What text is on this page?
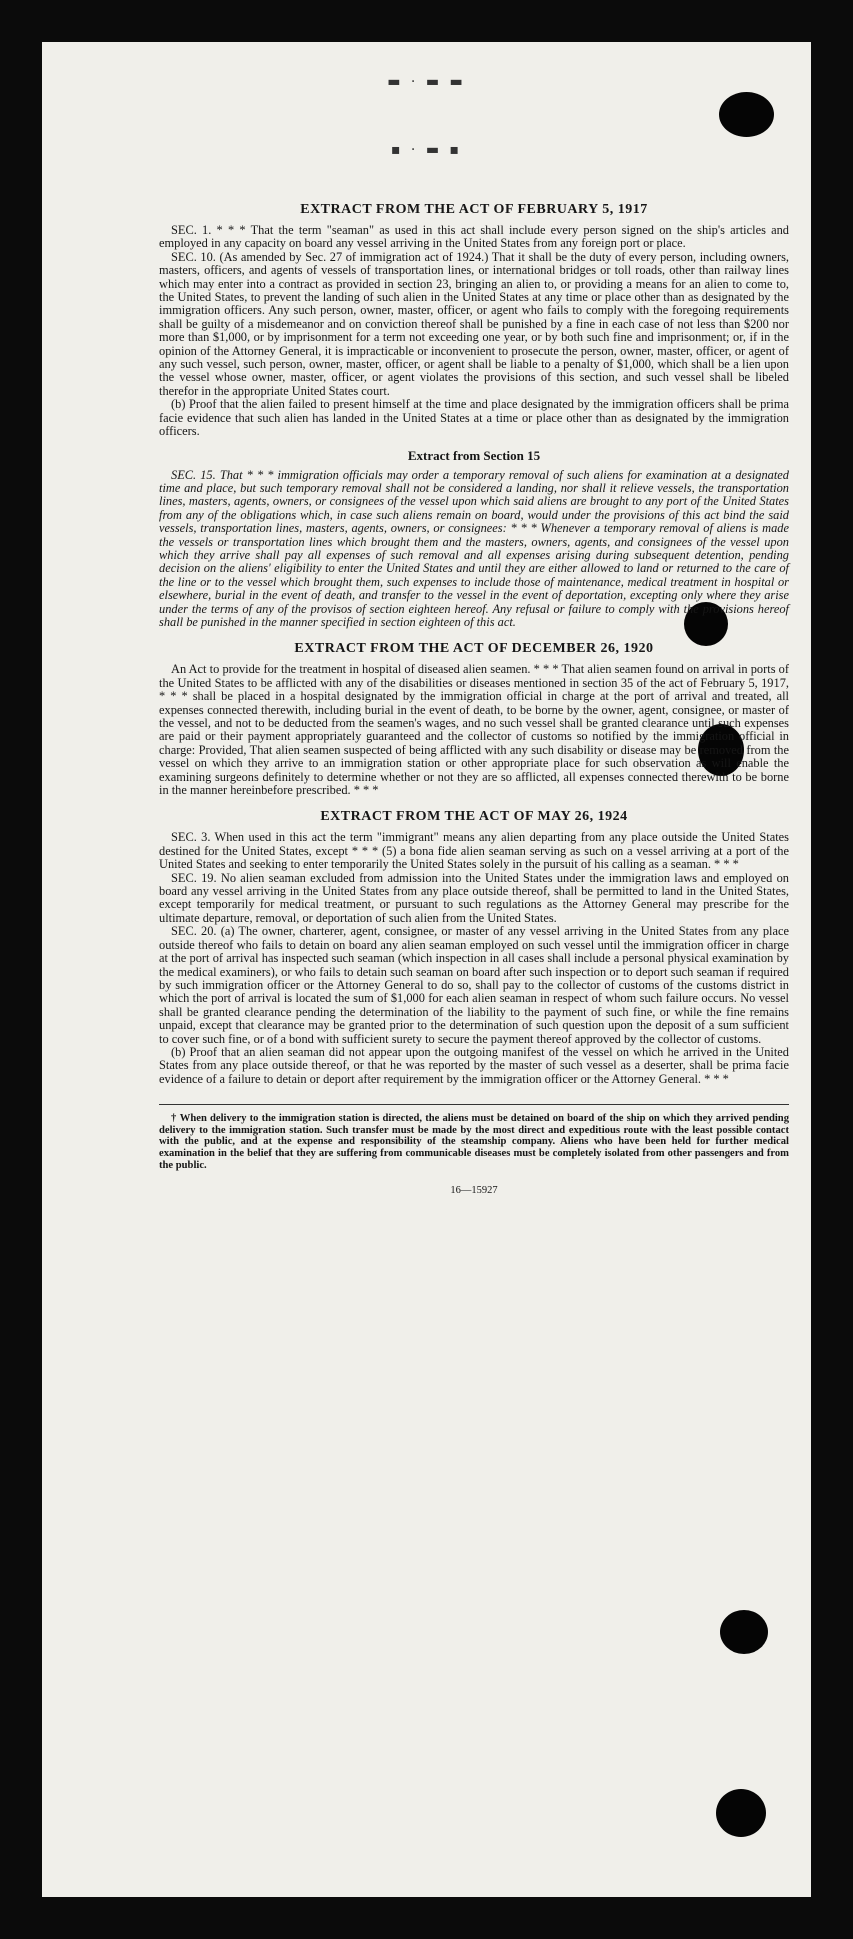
▬ · ▬ ▬
▪ · ▬ ▪
EXTRACT FROM THE ACT OF FEBRUARY 5, 1917

SEC. 1. * * * That the term "seaman" as used in this act shall include every person signed on the ship's articles and employed in any capacity on board any vessel arriving in the United States from any foreign port or place.

SEC. 10. (As amended by Sec. 27 of immigration act of 1924.) That it shall be the duty of every person, including owners, masters, officers, and agents of vessels of transportation lines, or international bridges or toll roads, other than railway lines which may enter into a contract as provided in section 23, bringing an alien to, or providing a means for an alien to come to, the United States, to prevent the landing of such alien in the United States at any time or place other than as designated by the immigration officers. Any such person, owner, master, officer, or agent who fails to comply with the foregoing requirements shall be guilty of a misdemeanor and on conviction thereof shall be punished by a fine in each case of not less than $200 nor more than $1,000, or by imprisonment for a term not exceeding one year, or by both such fine and imprisonment; or, if in the opinion of the Attorney General, it is impracticable or inconvenient to prosecute the person, owner, master, officer, or agent of any such vessel, such person, owner, master, officer, or agent shall be liable to a penalty of $1,000, which shall be a lien upon the vessel whose owner, master, officer, or agent violates the provisions of this section, and such vessel shall be libeled therefor in the appropriate United States court.

(b) Proof that the alien failed to present himself at the time and place designated by the immigration officers shall be prima facie evidence that such alien has landed in the United States at a time or place other than as designated by the immigration officers.

Extract from Section 15

SEC. 15. That * * * immigration officials may order a temporary removal of such aliens for examination at a designated time and place, but such temporary removal shall not be considered a landing, nor shall it relieve vessels, the transportation lines, masters, agents, owners, or consignees of the vessel upon which said aliens are brought to any port of the United States from any of the obligations which, in case such aliens remain on board, would under the provisions of this act bind the said vessels, transportation lines, masters, agents, owners, or consignees: * * * Whenever a temporary removal of aliens is made the vessels or transportation lines which brought them and the masters, owners, agents, and consignees of the vessel upon which they arrive shall pay all expenses of such removal and all expenses arising during subsequent detention, pending decision on the aliens' eligibility to enter the United States and until they are either allowed to land or returned to the care of the line or to the vessel which brought them, such expenses to include those of maintenance, medical treatment in hospital or elsewhere, burial in the event of death, and transfer to the vessel in the event of deportation, excepting only where they arise under the terms of any of the provisos of section eighteen hereof. Any refusal or failure to comply with the provisions hereof shall be punished in the manner specified in section eighteen of this act.

EXTRACT FROM THE ACT OF DECEMBER 26, 1920

An Act to provide for the treatment in hospital of diseased alien seamen. * * * That alien seamen found on arrival in ports of the United States to be afflicted with any of the disabilities or diseases mentioned in section 35 of the act of February 5, 1917, * * * shall be placed in a hospital designated by the immigration official in charge at the port of arrival and treated, all expenses connected therewith, including burial in the event of death, to be borne by the owner, agent, consignee, or master of the vessel, and not to be deducted from the seamen's wages, and no such vessel shall be granted clearance until such expenses are paid or their payment appropriately guaranteed and the collector of customs so notified by the immigration official in charge: Provided, That alien seamen suspected of being afflicted with any such disability or disease may be removed from the vessel on which they arrive to an immigration station or other appropriate place for such observation as will enable the examining surgeons definitely to determine whether or not they are so afflicted, all expenses connected therewith to be borne in the manner hereinbefore prescribed. * * *

EXTRACT FROM THE ACT OF MAY 26, 1924

SEC. 3. When used in this act the term "immigrant" means any alien departing from any place outside the United States destined for the United States, except * * * (5) a bona fide alien seaman serving as such on a vessel arriving at a port of the United States and seeking to enter temporarily the United States solely in the pursuit of his calling as a seaman. * * *

SEC. 19. No alien seaman excluded from admission into the United States under the immigration laws and employed on board any vessel arriving in the United States from any place outside thereof, shall be permitted to land in the United States, except temporarily for medical treatment, or pursuant to such regulations as the Attorney General may prescribe for the ultimate departure, removal, or deportation of such alien from the United States.

SEC. 20. (a) The owner, charterer, agent, consignee, or master of any vessel arriving in the United States from any place outside thereof who fails to detain on board any alien seaman employed on such vessel until the immigration officer in charge at the port of arrival has inspected such seaman (which inspection in all cases shall include a personal physical examination by the medical examiners), or who fails to detain such seaman on board after such inspection or to deport such seaman if required by such immigration officer or the Attorney General to do so, shall pay to the collector of customs of the customs district in which the port of arrival is located the sum of $1,000 for each alien seaman in respect of whom such failure occurs. No vessel shall be granted clearance pending the determination of the liability to the payment of such fine, or while the fine remains unpaid, except that clearance may be granted prior to the determination of such question upon the deposit of a sum sufficient to cover such fine, or of a bond with sufficient surety to secure the payment thereof approved by the collector of customs.

(b) Proof that an alien seaman did not appear upon the outgoing manifest of the vessel on which he arrived in the United States from any place outside thereof, or that he was reported by the master of such vessel as a deserter, shall be prima facie evidence of a failure to detain or deport after requirement by the immigration officer or the Attorney General. * * *

† When delivery to the immigration station is directed, the aliens must be detained on board of the ship on which they arrived pending delivery to the immigration station. Such transfer must be made by the most direct and expeditious route with the least possible contact with the public, and at the expense and responsibility of the steamship company. Aliens who have been held for further medical examination in the belief that they are suffering from communicable diseases must be completely isolated from other passengers and from the public.

16—15927
